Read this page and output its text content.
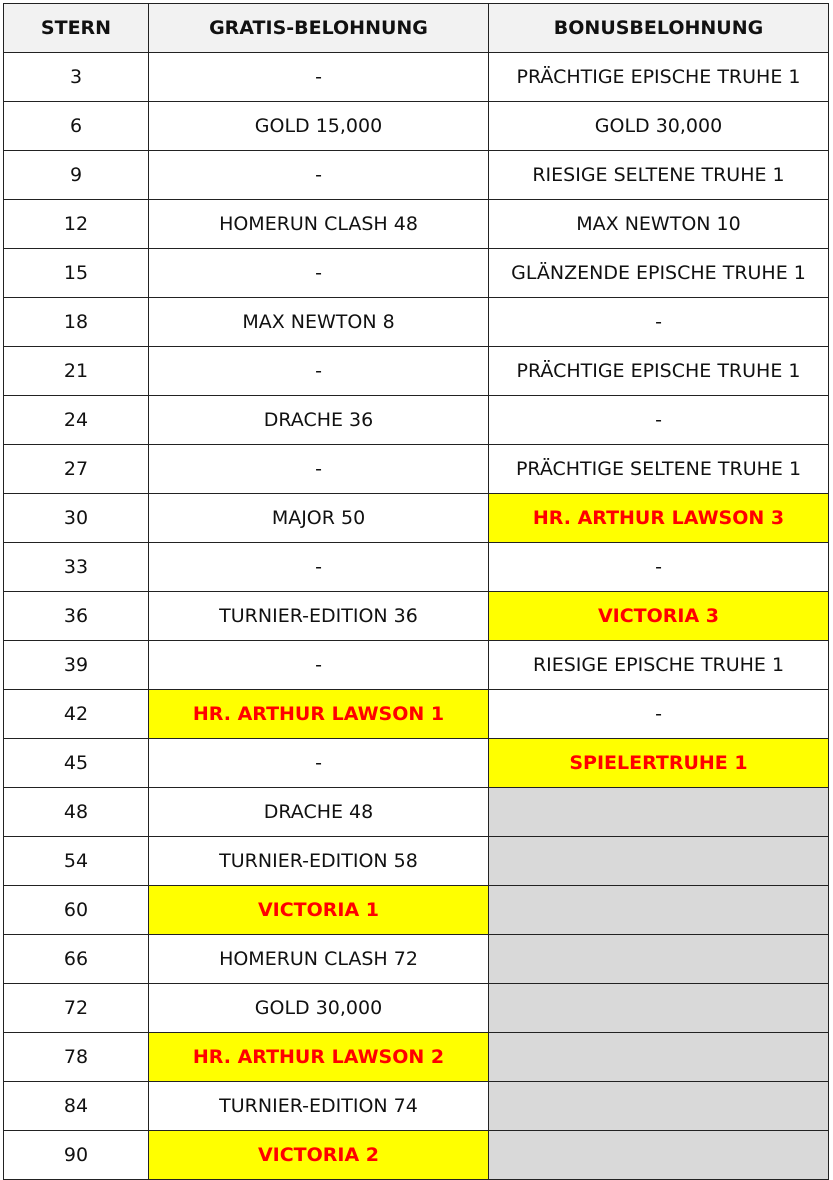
STERN	GRATIS-BELOHNUNG	BONUSBELOHNUNG
3	-	PRÄCHTIGE EPISCHE TRUHE 1
6	GOLD 15,000	GOLD 30,000
9	-	RIESIGE SELTENE TRUHE 1
12	HOMERUN CLASH 48	MAX NEWTON 10
15	-	GLÄNZENDE EPISCHE TRUHE 1
18	MAX NEWTON 8	-
21	-	PRÄCHTIGE EPISCHE TRUHE 1
24	DRACHE 36	-
27	-	PRÄCHTIGE SELTENE TRUHE 1
30	MAJOR 50	HR. ARTHUR LAWSON 3
33	-	-
36	TURNIER-EDITION 36	VICTORIA 3
39	-	RIESIGE EPISCHE TRUHE 1
42	HR. ARTHUR LAWSON 1	-
45	-	SPIELERTRUHE 1
48	DRACHE 48	
54	TURNIER-EDITION 58	
60	VICTORIA 1	
66	HOMERUN CLASH 72	
72	GOLD 30,000	
78	HR. ARTHUR LAWSON 2	
84	TURNIER-EDITION 74	
90	VICTORIA 2	
